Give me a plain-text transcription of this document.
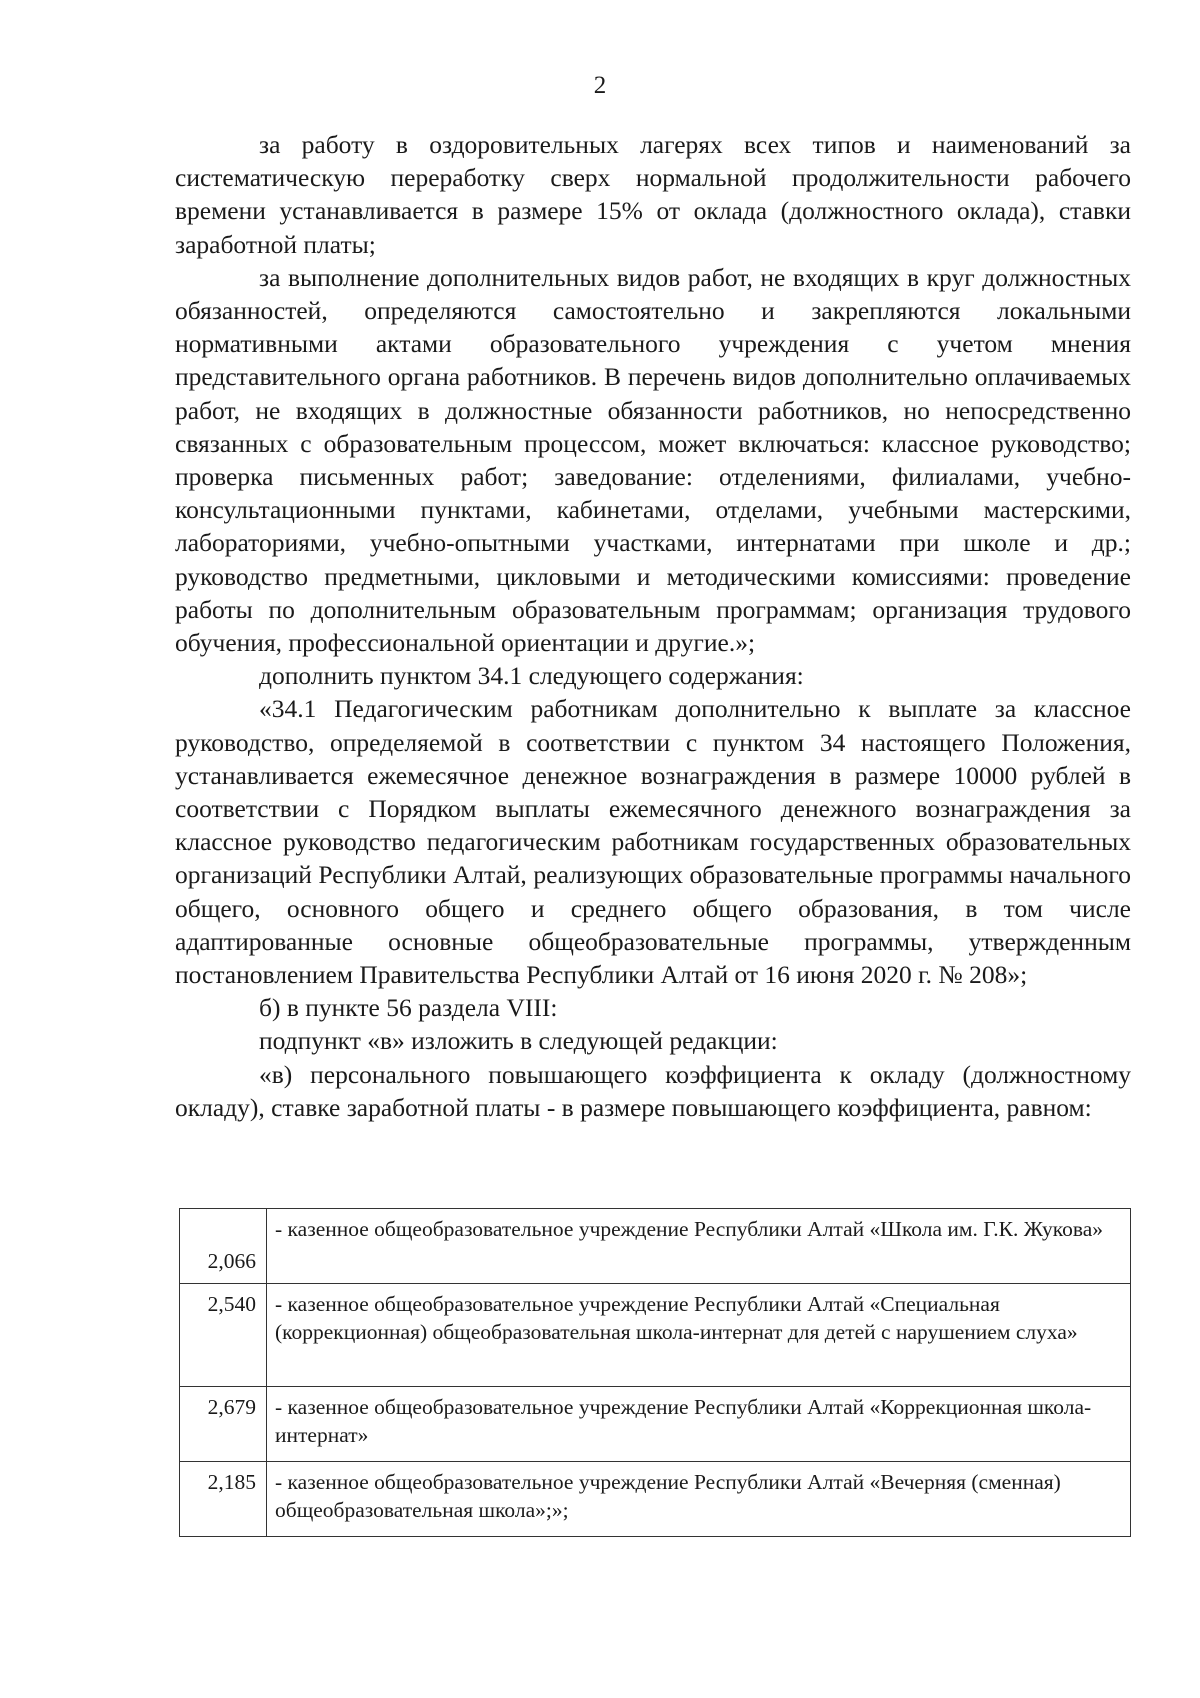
2

за работу в оздоровительных лагерях всех типов и наименований за систематическую переработку сверх нормальной продолжительности рабочего времени устанавливается в размере 15% от оклада (должностного оклада), ставки заработной платы;

за выполнение дополнительных видов работ, не входящих в круг должностных обязанностей, определяются самостоятельно и закрепляются локальными нормативными актами образовательного учреждения с учетом мнения представительного органа работников. В перечень видов дополнительно оплачиваемых работ, не входящих в должностные обязанности работников, но непосредственно связанных с образовательным процессом, может включаться: классное руководство; проверка письменных работ; заведование: отделениями, филиалами, учебно-консультационными пунктами, кабинетами, отделами, учебными мастерскими, лабораториями, учебно-опытными участками, интернатами при школе и др.; руководство предметными, цикловыми и методическими комиссиями: проведение работы по дополнительным образовательным программам; организация трудового обучения, профессиональной ориентации и другие.»;

дополнить пунктом 34.1 следующего содержания:

«34.1 Педагогическим работникам дополнительно к выплате за классное руководство, определяемой в соответствии с пунктом 34 настоящего Положения, устанавливается ежемесячное денежное вознаграждения в размере 10000 рублей в соответствии с Порядком выплаты ежемесячного денежного вознаграждения за классное руководство педагогическим работникам государственных образовательных организаций Республики Алтай, реализующих образовательные программы начального общего, основного общего и среднего общего образования, в том числе адаптированные основные общеобразовательные программы, утвержденным постановлением Правительства Республики Алтай от 16 июня 2020 г. № 208»;

б) в пункте 56 раздела VIII:

подпункт «в» изложить в следующей редакции:

«в) персонального повышающего коэффициента к окладу (должностному окладу), ставке заработной платы - в размере повышающего коэффициента, равном:

2,066	- казенное общеобразовательное учреждение Республики Алтай «Школа им. Г.К. Жукова»
2,540	- казенное общеобразовательное учреждение Республики Алтай «Специальная (коррекционная) общеобразовательная школа-интернат для детей с нарушением слуха»
2,679	- казенное общеобразовательное учреждение Республики Алтай «Коррекционная школа-интернат»
2,185	- казенное общеобразовательное учреждение Республики Алтай «Вечерняя (сменная) общеобразовательная школа»;»;
